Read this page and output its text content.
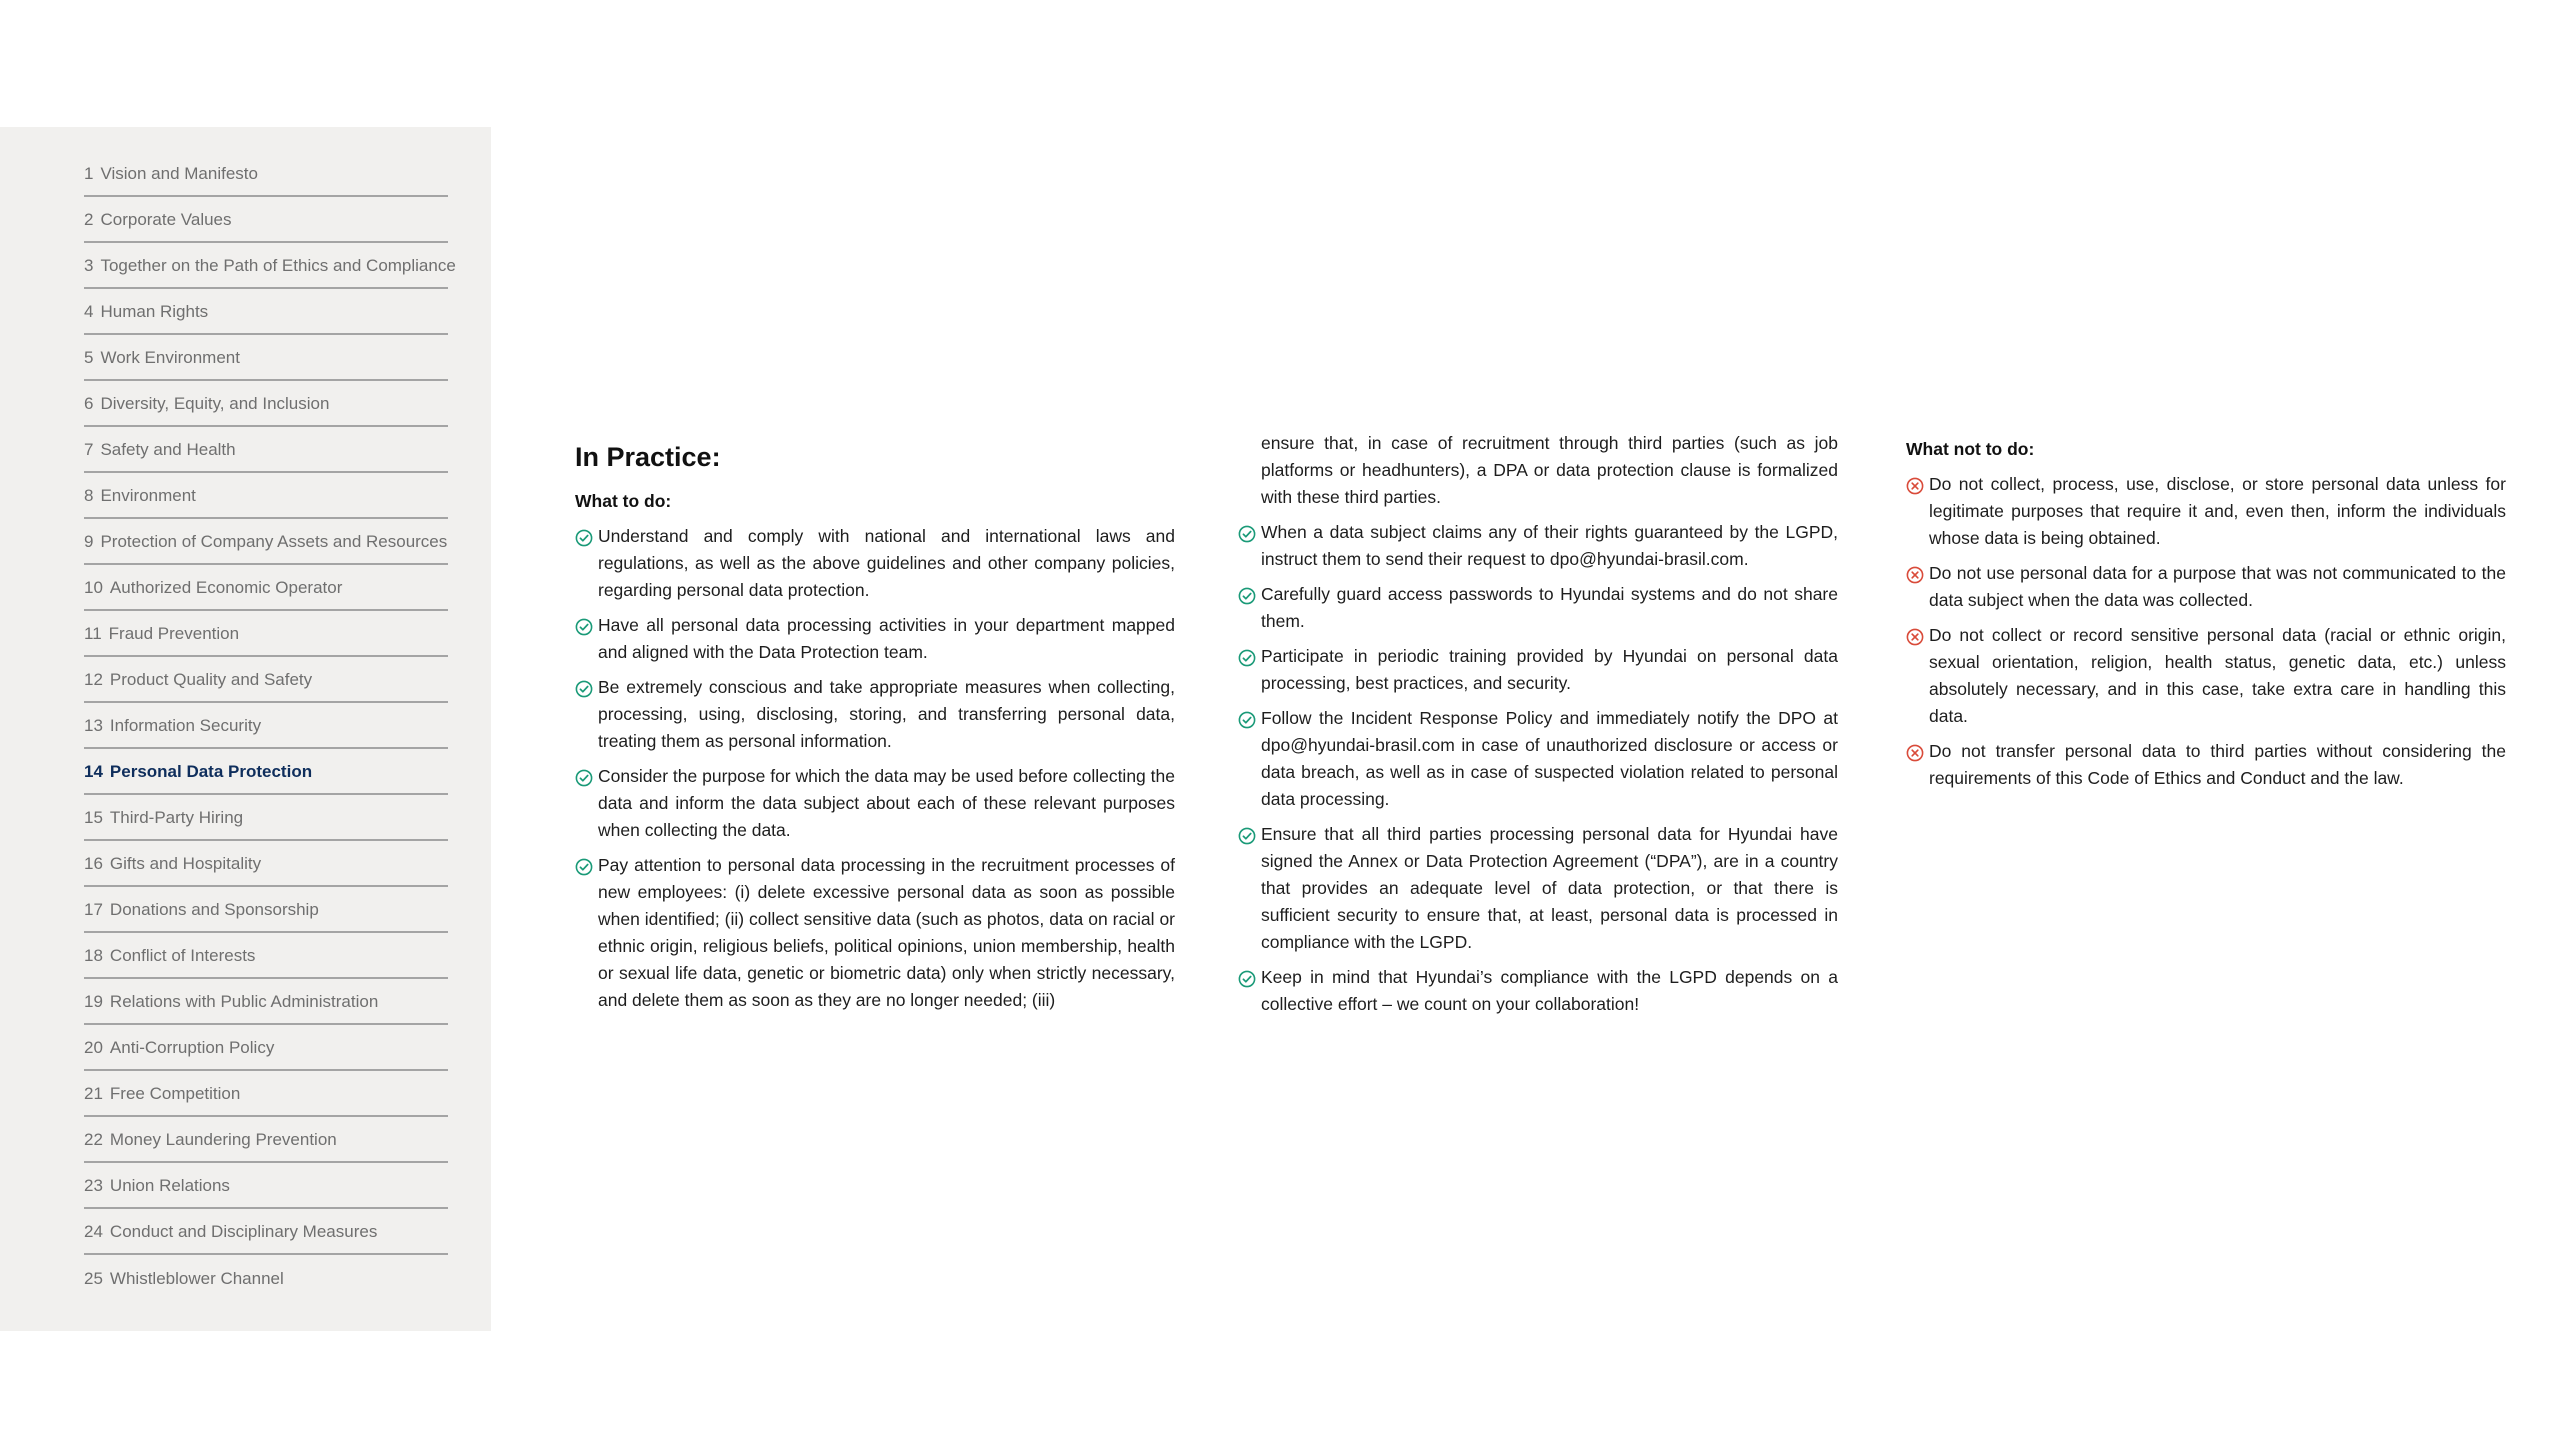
1 Vision and Manifesto
2 Corporate Values
3 Together on the Path of Ethics and Compliance
4 Human Rights
5 Work Environment
6 Diversity, Equity, and Inclusion
7 Safety and Health
8 Environment
9 Protection of Company Assets and Resources
10 Authorized Economic Operator
11 Fraud Prevention
12 Product Quality and Safety
13 Information Security
14 Personal Data Protection
15 Third-Party Hiring
16 Gifts and Hospitality
17 Donations and Sponsorship
18 Conflict of Interests
19 Relations with Public Administration
20 Anti-Corruption Policy
21 Free Competition
22 Money Laundering Prevention
23 Union Relations
24 Conduct and Disciplinary Measures
25 Whistleblower Channel
In Practice:
What to do:
Understand and comply with national and international laws and regulations, as well as the above guidelines and other company policies, regarding personal data protection.
Have all personal data processing activities in your department mapped and aligned with the Data Protection team.
Be extremely conscious and take appropriate measures when collecting, processing, using, disclosing, storing, and transferring personal data, treating them as personal information.
Consider the purpose for which the data may be used before collecting the data and inform the data subject about each of these relevant purposes when collecting the data.
Pay attention to personal data processing in the recruitment processes of new employees: (i) delete excessive personal data as soon as possible when identified; (ii) collect sensitive data (such as photos, data on racial or ethnic origin, religious beliefs, political opinions, union membership, health or sexual life data, genetic or biometric data) only when strictly necessary, and delete them as soon as they are no longer needed; (iii)
ensure that, in case of recruitment through third parties (such as job platforms or headhunters), a DPA or data protection clause is formalized with these third parties.
When a data subject claims any of their rights guaranteed by the LGPD, instruct them to send their request to dpo@hyundai-brasil.com.
Carefully guard access passwords to Hyundai systems and do not share them.
Participate in periodic training provided by Hyundai on personal data processing, best practices, and security.
Follow the Incident Response Policy and immediately notify the DPO at dpo@hyundai-brasil.com in case of unauthorized disclosure or access or data breach, as well as in case of suspected violation related to personal data processing.
Ensure that all third parties processing personal data for Hyundai have signed the Annex or Data Protection Agreement (“DPA”), are in a country that provides an adequate level of data protection, or that there is sufficient security to ensure that, at least, personal data is processed in compliance with the LGPD.
Keep in mind that Hyundai’s compliance with the LGPD depends on a collective effort – we count on your collaboration!
What not to do:
Do not collect, process, use, disclose, or store personal data unless for legitimate purposes that require it and, even then, inform the individuals whose data is being obtained.
Do not use personal data for a purpose that was not communicated to the data subject when the data was collected.
Do not collect or record sensitive personal data (racial or ethnic origin, sexual orientation, religion, health status, genetic data, etc.) unless absolutely necessary, and in this case, take extra care in handling this data.
Do not transfer personal data to third parties without considering the requirements of this Code of Ethics and Conduct and the law.
